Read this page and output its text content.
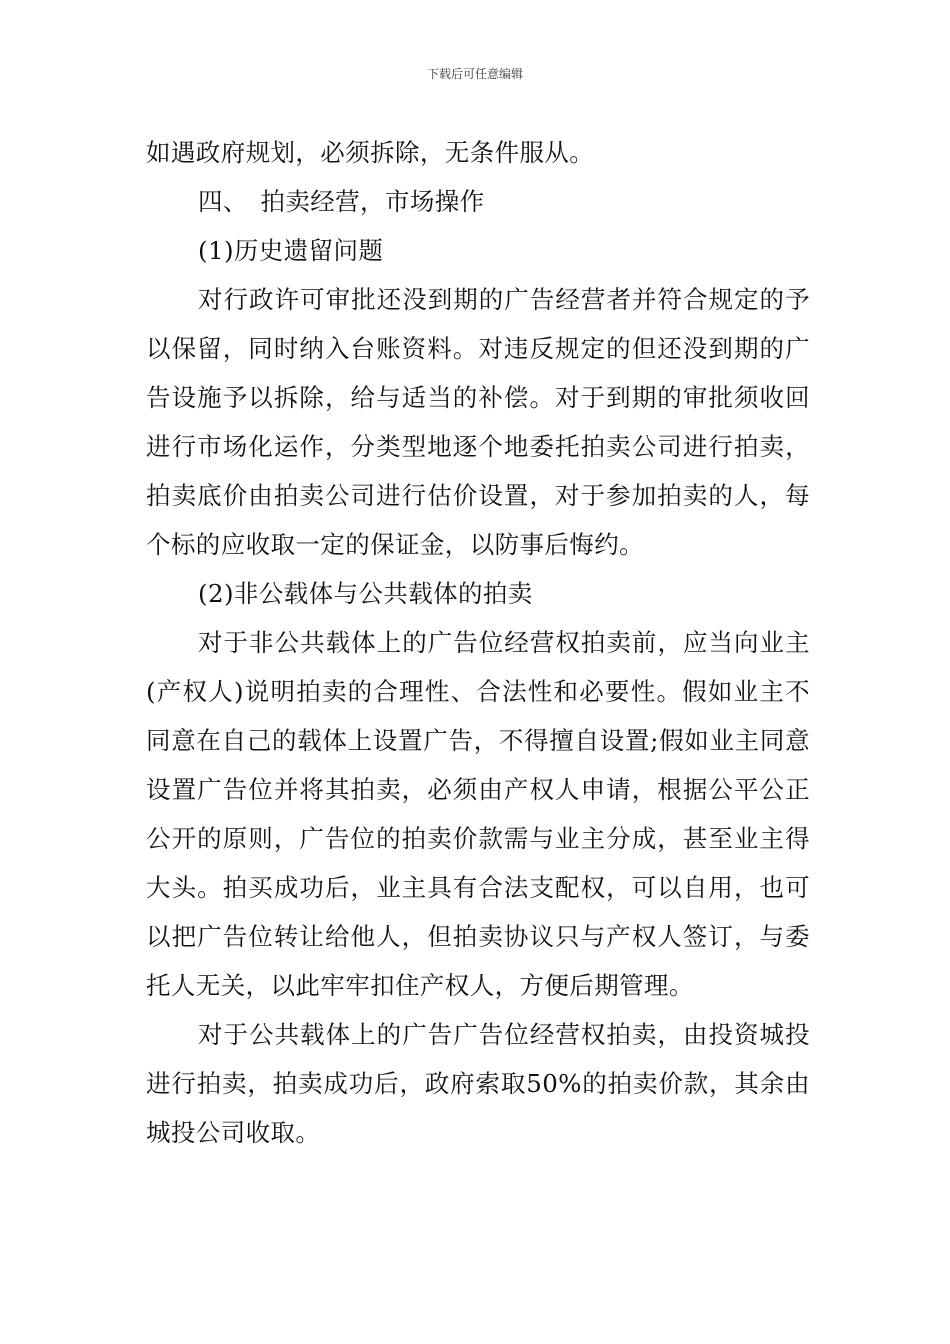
下载后可任意编辑

如遇政府规划，必须拆除，无条件服从。

四、　拍卖经营，市场操作

(1)历史遗留问题

对行政许可审批还没到期的广告经营者并符合规定的予以保留，同时纳入台账资料。对违反规定的但还没到期的广告设施予以拆除，给与适当的补偿。对于到期的审批须收回进行市场化运作，分类型地逐个地委托拍卖公司进行拍卖，拍卖底价由拍卖公司进行估价设置，对于参加拍卖的人，每个标的应收取一定的保证金，以防事后悔约。

(2)非公载体与公共载体的拍卖

对于非公共载体上的广告位经营权拍卖前，应当向业主(产权人)说明拍卖的合理性、合法性和必要性。假如业主不同意在自己的载体上设置广告，不得擅自设置;假如业主同意设置广告位并将其拍卖，必须由产权人申请，根据公平公正公开的原则，广告位的拍卖价款需与业主分成，甚至业主得大头。拍买成功后，业主具有合法支配权，可以自用，也可以把广告位转让给他人，但拍卖协议只与产权人签订，与委托人无关，以此牢牢扣住产权人，方便后期管理。

对于公共载体上的广告广告位经营权拍卖，由投资城投进行拍卖，拍卖成功后，政府索取50%的拍卖价款，其余由城投公司收取。
